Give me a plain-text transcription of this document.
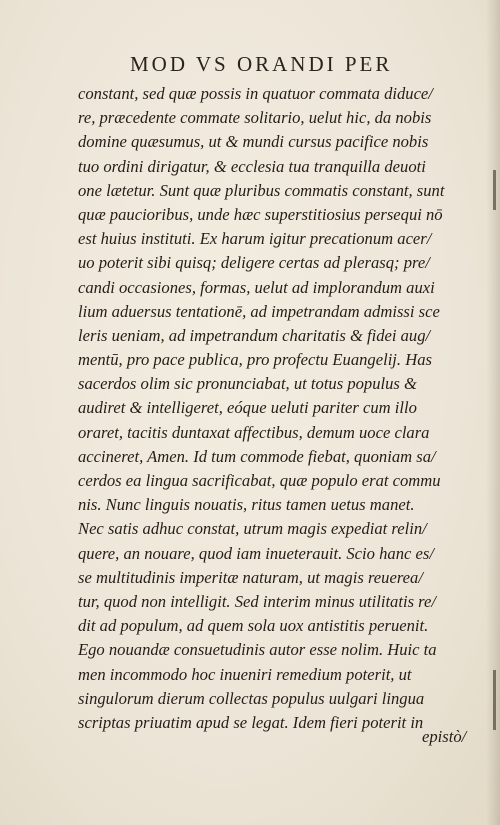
MOD VS ORANDI PER
constant, sed quæ possis in quatuor commata diduce/
re, præcedente commate solitario, uelut hic, da nobis
domine quæsumus, ut & mundi cursus pacifice nobis
tuo ordini dirigatur, & ecclesia tua tranquilla deuoti
one lætetur. Sunt quæ pluribus commatis constant, sunt
quæ paucioribus, unde hæc superstitiosius persequi nō
est huius instituti. Ex harum igitur precationum acer/
uo poterit sibi quisq; deligere certas ad plerasq; pre/
candi occasiones, formas, uelut ad implorandum auxi
lium aduersus tentationē, ad impetrandam admissi sce
leris ueniam, ad impetrandum charitatis & fidei aug/
mentū, pro pace publica, pro profectu Euangelij. Has
sacerdos olim sic pronunciabat, ut totus populus &
audiret & intelligeret, eóque ueluti pariter cum illo
oraret, tacitis duntaxat affectibus, demum uoce clara
accineret, Amen. Id tum commode fiebat, quoniam sa/
cerdos ea lingua sacrificabat, quæ populo erat commu
nis. Nunc linguis nouatis, ritus tamen uetus manet.
Nec satis adhuc constat, utrum magis expediat relin/
quere, an nouare, quod iam inueterauit. Scio hanc es/
se multitudinis imperitæ naturam, ut magis reuerea/
tur, quod non intelligit. Sed interim minus utilitatis re/
dit ad populum, ad quem sola uox antistitis peruenit.
Ego nouandæ consuetudinis autor esse nolim. Huic ta
men incommodo hoc inueniri remedium poterit, ut
singulorum dierum collectas populus uulgari lingua
scriptas priuatim apud se legat. Idem fieri poterit in
epistò/
